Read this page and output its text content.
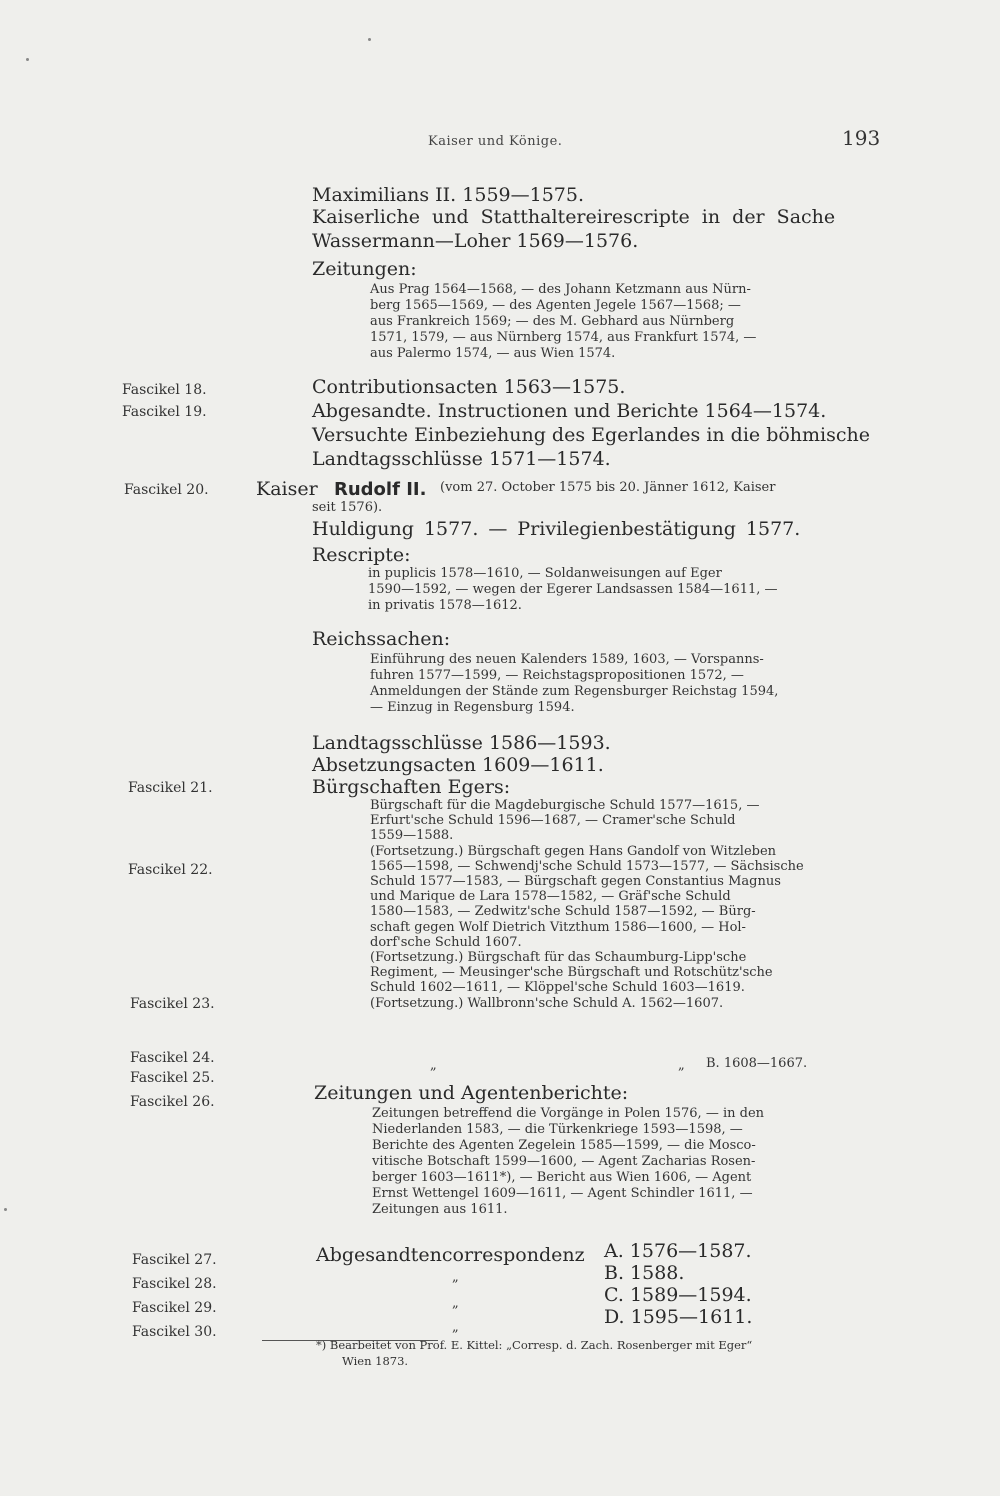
Kaiser und Könige.	193
Maximilians II. 1559—1575.
Kaiserliche und Statthaltereirescripte in der Sache
Wassermann—Loher 1569—1576.
Zeitungen:
Aus Prag 1564—1568, — des Johann Ketzmann aus Nürn-
berg 1565—1569, — des Agenten Jegele 1567—1568; —
aus Frankreich 1569; — des M. Gebhard aus Nürnberg
1571, 1579, — aus Nürnberg 1574, aus Frankfurt 1574, —
aus Palermo 1574, — aus Wien 1574.
Fascikel 18.
Fascikel 19.
Fascikel 20.
Fascikel 21.
Fascikel 22.
Fascikel 23.
Fascikel 24.
Fascikel 25.
Fascikel 26.
Fascikel 27.
Fascikel 28.
Fascikel 29.
Fascikel 30.
Contributionsacten 1563—1575.
Abgesandte. Instructionen und Berichte 1564—1574.
Versuchte Einbeziehung des Egerlandes in die böhmische
Landtagsschlüsse 1571—1574.
Kaiser Rudolf II. (vom 27. October 1575 bis 20. Jänner 1612, Kaiser
seit 1576).
Huldigung 1577. — Privilegienbestätigung 1577.
Rescripte:
in puplicis 1578—1610, — Soldanweisungen auf Eger
1590—1592, — wegen der Egerer Landsassen 1584—1611, —
in privatis 1578—1612.
Reichssachen:
Einführung des neuen Kalenders 1589, 1603, — Vorspanns-
fuhren 1577—1599, — Reichstagspropositionen 1572, —
Anmeldungen der Stände zum Regensburger Reichstag 1594,
— Einzug in Regensburg 1594.
Landtagsschlüsse 1586—1593.
Absetzungsacten 1609—1611.
Bürgschaften Egers:
Bürgschaft für die Magdeburgische Schuld 1577—1615, —
Erfurt'sche Schuld 1596—1687, — Cramer'sche Schuld
1559—1588.
(Fortsetzung.) Bürgschaft gegen Hans Gandolf von Witzleben
1565—1598, — Schwendj'sche Schuld 1573—1577, — Sächsische
Schuld 1577—1583, — Bürgschaft gegen Constantius Magnus
und Marique de Lara 1578—1582, — Gräf'sche Schuld
1580—1583, — Zedwitz'sche Schuld 1587—1592, — Bürg-
schaft gegen Wolf Dietrich Vitzthum 1586—1600, — Hol-
dorf'sche Schuld 1607.
(Fortsetzung.) Bürgschaft für das Schaumburg-Lipp'sche
Regiment, — Meusinger'sche Bürgschaft und Rotschütz'sche
Schuld 1602—1611, — Klöppel'sche Schuld 1603—1619.
(Fortsetzung.) Wallbronn'sche Schuld A. 1562—1607.
„	„ B. 1608—1667.
Zeitungen und Agentenberichte:
Zeitungen betreffend die Vorgänge in Polen 1576, — in den
Niederlanden 1583, — die Türkenkriege 1593—1598, —
Berichte des Agenten Zegelein 1585—1599, — die Mosco-
vitische Botschaft 1599—1600, — Agent Zacharias Rosen-
berger 1603—1611*), — Bericht aus Wien 1606, — Agent
Ernst Wettengel 1609—1611, — Agent Schindler 1611, —
Zeitungen aus 1611.
Abgesandtencorrespondenz A. 1576—1587.
B. 1588.
C. 1589—1594.
D. 1595—1611.
„
„
„
*) Bearbeitet von Prof. E. Kittel: „Corresp. d. Zach. Rosenberger mit Eger“
Wien 1873.
